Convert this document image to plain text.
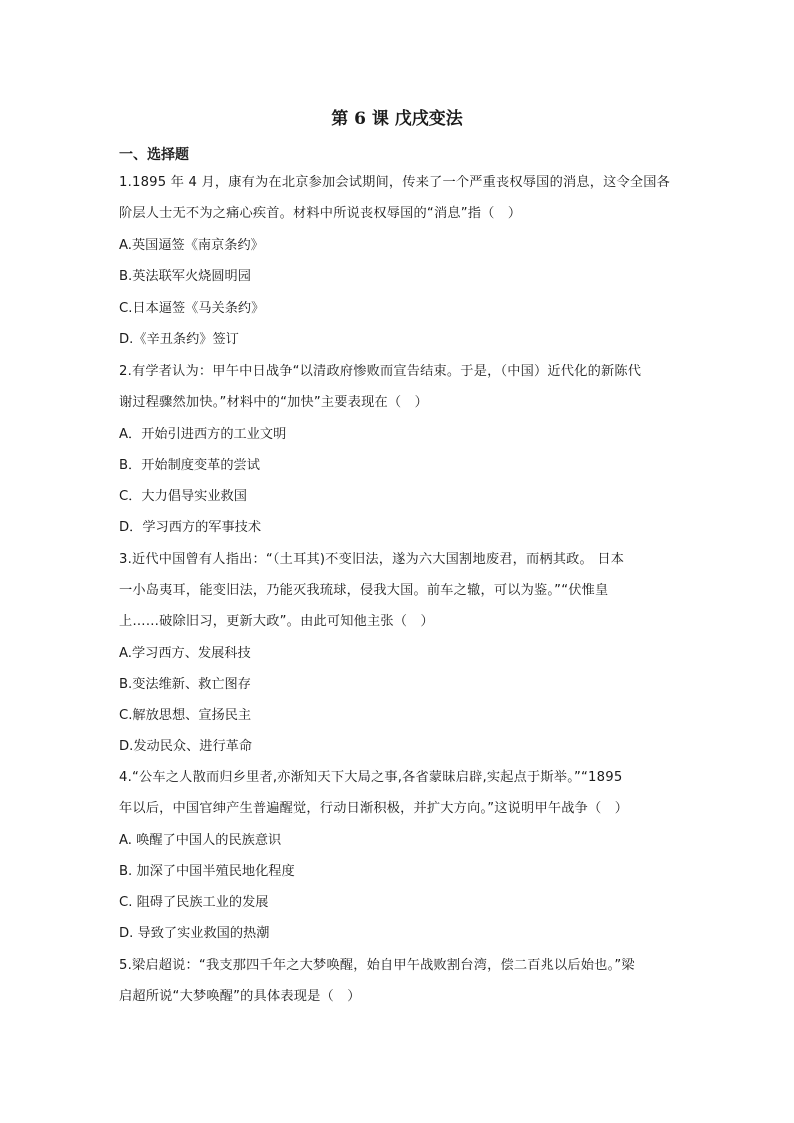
第 6 课 戊戌变法
一、选择题
1.1895 年 4 月，康有为在北京参加会试期间，传来了一个严重丧权辱国的消息，这令全国各
阶层人士无不为之痛心疾首。材料中所说丧权辱国的“消息”指（　）
A.英国逼签《南京条约》
B.英法联军火烧圆明园
C.日本逼签《马关条约》
D.《辛丑条约》签订
2.有学者认为：甲午中日战争“以清政府惨败而宣告结束。于是，（中国）近代化的新陈代
谢过程骤然加快。”材料中的“加快”主要表现在（　）
A．开始引进西方的工业文明
B．开始制度变革的尝试
C．大力倡导实业救国
D．学习西方的军事技术
3.近代中国曾有人指出：“（土耳其)不变旧法，遂为六大国割地废君，而柄其政。 日本
一小岛夷耳，能变旧法，乃能灭我琉球，侵我大国。前车之辙，可以为鉴。”“伏惟皇
上……破除旧习，更新大政”。由此可知他主张（　）
A.学习西方、发展科技
B.变法维新、救亡图存
C.解放思想、宣扬民主
D.发动民众、进行革命
4.“公车之人散而归乡里者,亦渐知天下大局之事,各省蒙昧启辟,实起点于斯举。”“1895
年以后，中国官绅产生普遍醒觉，行动日渐积极，并扩大方向。”这说明甲午战争（　）
A. 唤醒了中国人的民族意识
B. 加深了中国半殖民地化程度
C. 阻碍了民族工业的发展
D. 导致了实业救国的热潮
5.梁启超说：“我支那四千年之大梦唤醒，始自甲午战败割台湾，偿二百兆以后始也。”梁
启超所说“大梦唤醒”的具体表现是（　）
